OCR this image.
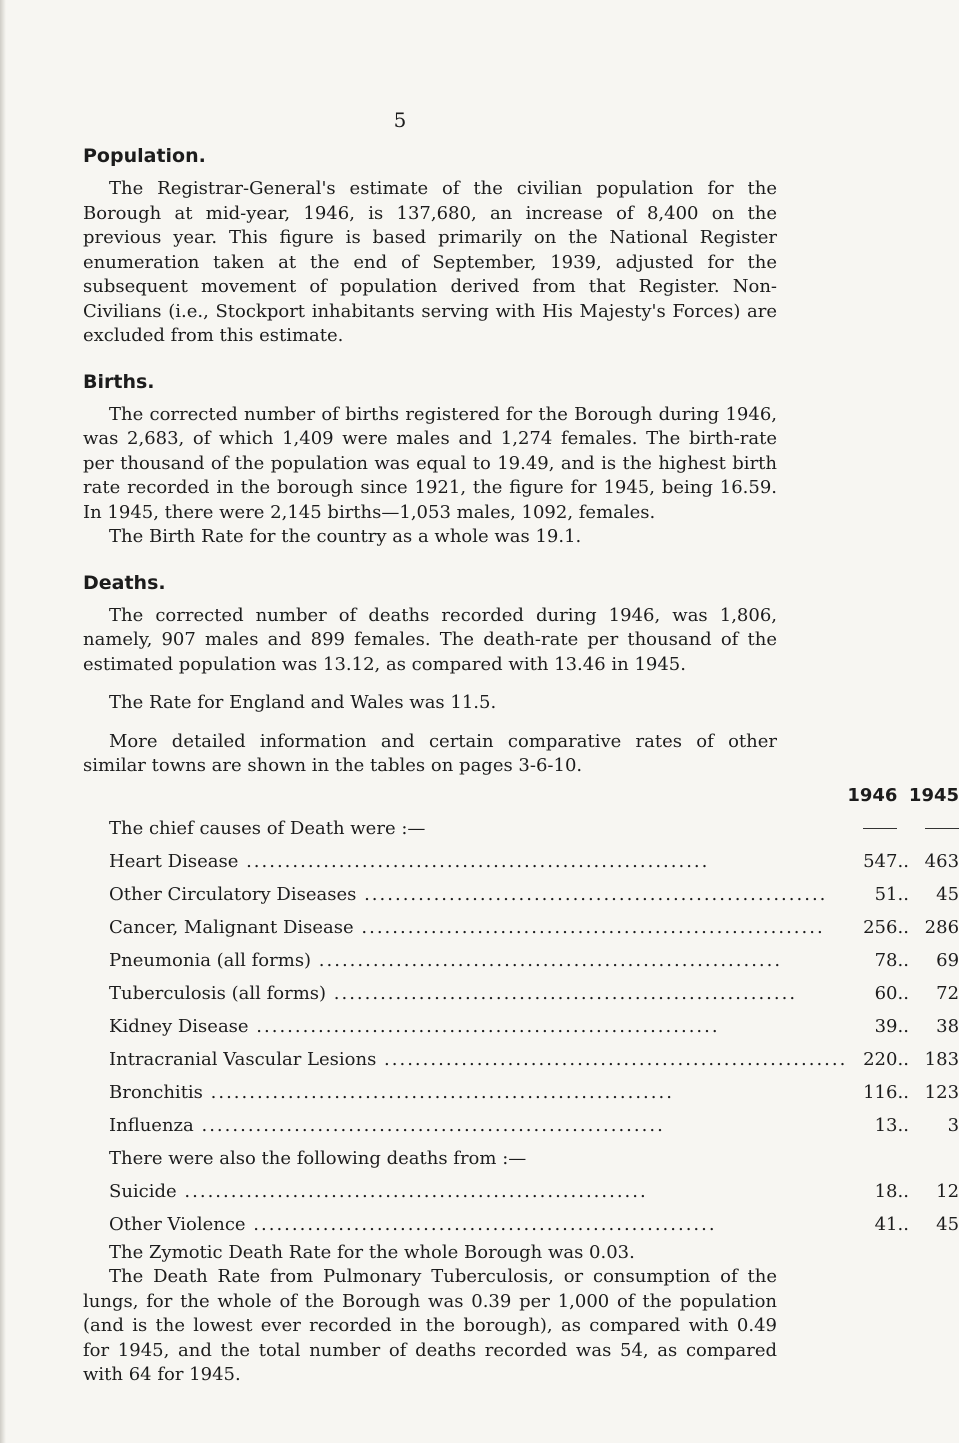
5
Population.

The Registrar-General's estimate of the civilian population for the Borough at mid-year, 1946, is 137,680, an increase of 8,400 on the previous year. This figure is based primarily on the National Register enumeration taken at the end of September, 1939, adjusted for the subsequent movement of population derived from that Register. Non-Civilians (i.e., Stockport inhabitants serving with His Majesty's Forces) are excluded from this estimate.

Births.

The corrected number of births registered for the Borough during 1946, was 2,683, of which 1,409 were males and 1,274 females. The birth-rate per thousand of the population was equal to 19.49, and is the highest birth rate recorded in the borough since 1921, the figure for 1945, being 16.59. In 1945, there were 2,145 births—1,053 males, 1092, females.

The Birth Rate for the country as a whole was 19.1.

Deaths.

The corrected number of deaths recorded during 1946, was 1,806, namely, 907 males and 899 females. The death-rate per thousand of the estimated population was 13.12, as compared with 13.46 in 1945.

The Rate for England and Wales was 11.5.

More detailed information and certain comparative rates of other similar towns are shown in the tables on pages 3-6-10.

	1946		1945
The chief causes of Death were :—			
Heart Disease ............................................................	547	..	463
Other Circulatory Diseases ............................................................	51	..	45
Cancer, Malignant Disease ............................................................	256	..	286
Pneumonia (all forms) ............................................................	78	..	69
Tuberculosis (all forms) ............................................................	60	..	72
Kidney Disease ............................................................	39	..	38
Intracranial Vascular Lesions ............................................................	220	..	183
Bronchitis ............................................................	116	..	123
Influenza ............................................................	13	..	3
There were also the following deaths from :—			
Suicide ............................................................	18	..	12
Other Violence ............................................................	41	..	45

The Zymotic Death Rate for the whole Borough was 0.03.

The Death Rate from Pulmonary Tuberculosis, or consumption of the lungs, for the whole of the Borough was 0.39 per 1,000 of the population (and is the lowest ever recorded in the borough), as compared with 0.49 for 1945, and the total number of deaths recorded was 54, as compared with 64 for 1945.
